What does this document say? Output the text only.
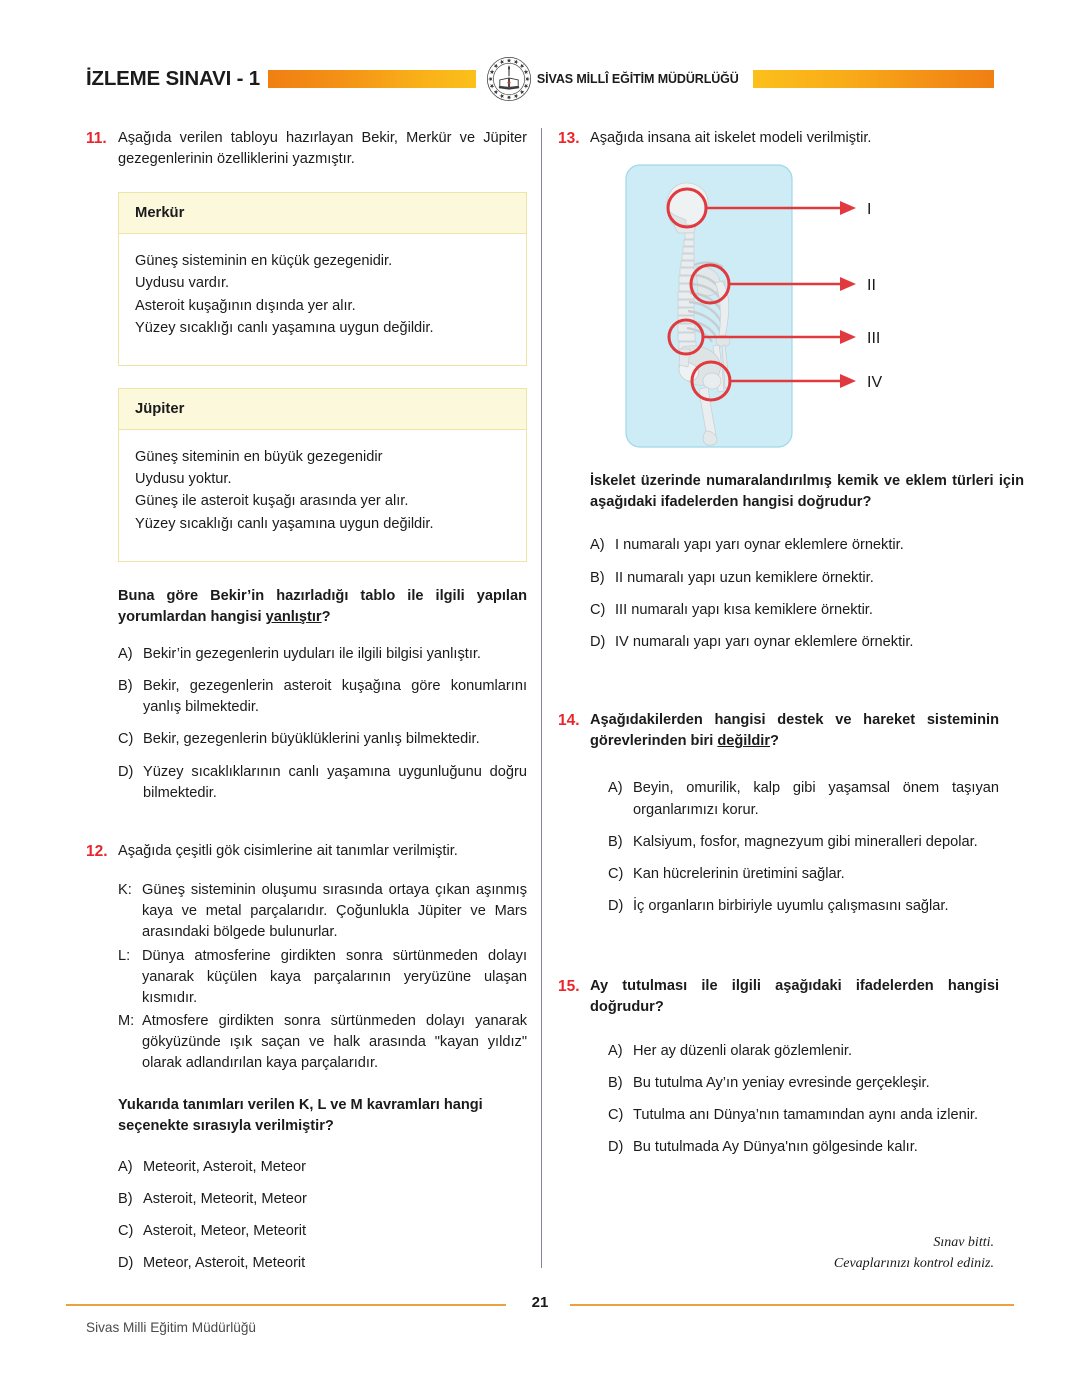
İZLEME SINAVI - 1	SİVAS MİLLÎ EĞİTİM MÜDÜRLÜĞÜ
11. Aşağıda verilen tabloyu hazırlayan Bekir, Merkür ve Jüpiter gezegenlerinin özelliklerini yazmıştır.
Merkür
Güneş sisteminin en küçük gezegenidir.
Uydusu vardır.
Asteroit kuşağının dışında yer alır.
Yüzey sıcaklığı canlı yaşamına uygun değildir.
Jüpiter
Güneş siteminin en büyük gezegenidir
Uydusu yoktur.
Güneş ile asteroit kuşağı arasında yer alır.
Yüzey sıcaklığı canlı yaşamına uygun değildir.
Buna göre Bekir’in hazırladığı tablo ile ilgili yapılan yorumlardan hangisi yanlıştır?
A) Bekir’in gezegenlerin uyduları ile ilgili bilgisi yanlıştır.
B) Bekir, gezegenlerin asteroit kuşağına göre konumlarını yanlış bilmektedir.
C) Bekir, gezegenlerin büyüklüklerini yanlış bilmektedir.
D) Yüzey sıcaklıklarının canlı yaşamına uygunluğunu doğru bilmektedir.
12. Aşağıda çeşitli gök cisimlerine ait tanımlar verilmiştir.
K: Güneş sisteminin oluşumu sırasında ortaya çıkan aşınmış kaya ve metal parçalarıdır. Çoğunlukla Jüpiter ve Mars arasındaki bölgede bulunurlar.
L: Dünya atmosferine girdikten sonra sürtünmeden dolayı yanarak küçülen kaya parçalarının yeryüzüne ulaşan kısmıdır.
M: Atmosfere girdikten sonra sürtünmeden dolayı yanarak gökyüzünde ışık saçan ve halk arasında "kayan yıldız" olarak adlandırılan kaya parçalarıdır.
Yukarıda tanımları verilen K, L ve M kavramları hangi seçenekte sırasıyla verilmiştir?
A) Meteorit, Asteroit, Meteor
B) Asteroit, Meteorit, Meteor
C) Asteroit, Meteor, Meteorit
D) Meteor, Asteroit, Meteorit
13. Aşağıda insana ait iskelet modeli verilmiştir.
I
II
III
IV
İskelet üzerinde numaralandırılmış kemik ve eklem türleri için aşağıdaki ifadelerden hangisi doğrudur?
A) I numaralı yapı yarı oynar eklemlere örnektir.
B) II numaralı yapı uzun kemiklere örnektir.
C) III numaralı yapı kısa kemiklere örnektir.
D) IV numaralı yapı yarı oynar eklemlere örnektir.
14. Aşağıdakilerden hangisi destek ve hareket sisteminin görevlerinden biri değildir?
A) Beyin, omurilik, kalp gibi yaşamsal önem taşıyan organlarımızı korur.
B) Kalsiyum, fosfor, magnezyum gibi mineralleri depolar.
C) Kan hücrelerinin üretimini sağlar.
D) İç organların birbiriyle uyumlu çalışmasını sağlar.
15. Ay tutulması ile ilgili aşağıdaki ifadelerden hangisi doğrudur?
A) Her ay düzenli olarak gözlemlenir.
B) Bu tutulma Ay’ın yeniay evresinde gerçekleşir.
C) Tutulma anı Dünya’nın tamamından aynı anda izlenir.
D) Bu tutulmada Ay Dünya'nın gölgesinde kalır.
Sınav bitti.
Cevaplarınızı kontrol ediniz.
21
Sivas Milli Eğitim Müdürlüğü
